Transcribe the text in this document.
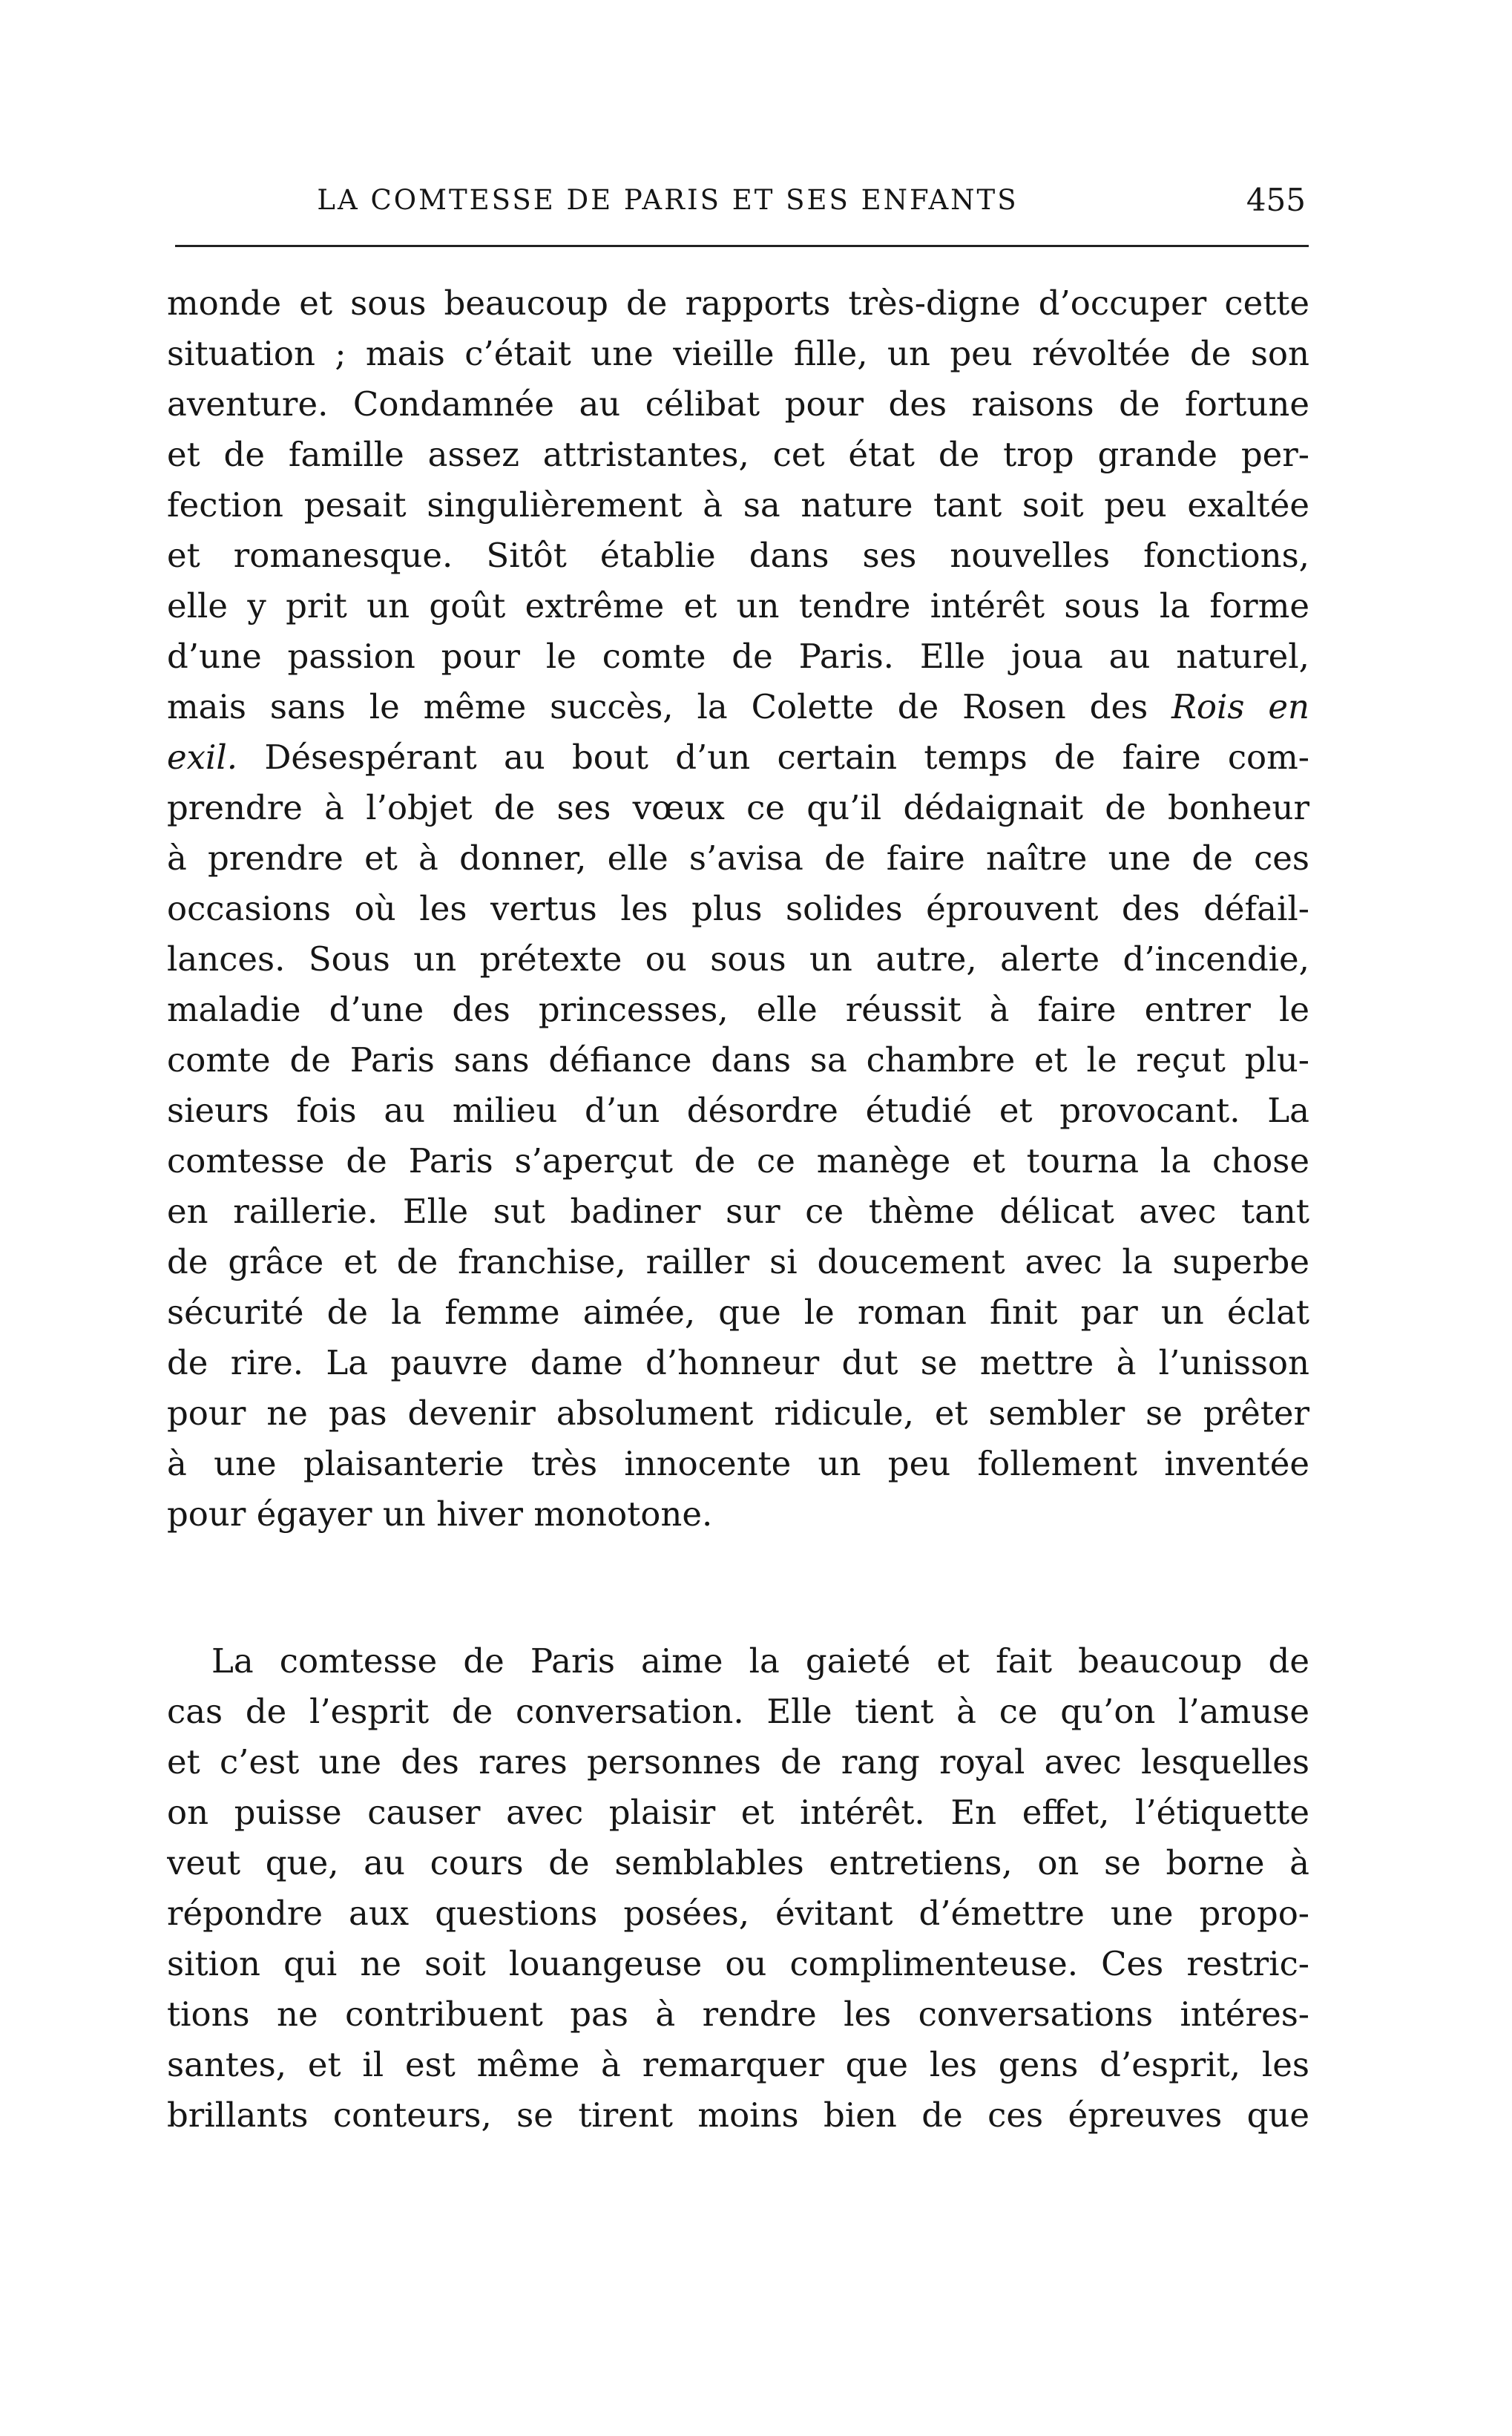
LA COMTESSE DE PARIS ET SES ENFANTS	455
monde et sous beaucoup de rapports très-digne d’occuper cette
situation ; mais c’était une vieille fille, un peu révoltée de son
aventure. Condamnée au célibat pour des raisons de fortune
et de famille assez attristantes, cet état de trop grande per-
fection pesait singulièrement à sa nature tant soit peu exaltée
et romanesque. Sitôt établie dans ses nouvelles fonctions,
elle y prit un goût extrême et un tendre intérêt sous la forme
d’une passion pour le comte de Paris. Elle joua au naturel,
mais sans le même succès, la Colette de Rosen des Rois en
exil. Désespérant au bout d’un certain temps de faire com-
prendre à l’objet de ses vœux ce qu’il dédaignait de bonheur
à prendre et à donner, elle s’avisa de faire naître une de ces
occasions où les vertus les plus solides éprouvent des défail-
lances. Sous un prétexte ou sous un autre, alerte d’incendie,
maladie d’une des princesses, elle réussit à faire entrer le
comte de Paris sans défiance dans sa chambre et le reçut plu-
sieurs fois au milieu d’un désordre étudié et provocant. La
comtesse de Paris s’aperçut de ce manège et tourna la chose
en raillerie. Elle sut badiner sur ce thème délicat avec tant
de grâce et de franchise, railler si doucement avec la superbe
sécurité de la femme aimée, que le roman finit par un éclat
de rire. La pauvre dame d’honneur dut se mettre à l’unisson
pour ne pas devenir absolument ridicule, et sembler se prêter
à une plaisanterie très innocente un peu follement inventée
pour égayer un hiver monotone.
La comtesse de Paris aime la gaieté et fait beaucoup de
cas de l’esprit de conversation. Elle tient à ce qu’on l’amuse
et c’est une des rares personnes de rang royal avec lesquelles
on puisse causer avec plaisir et intérêt. En effet, l’étiquette
veut que, au cours de semblables entretiens, on se borne à
répondre aux questions posées, évitant d’émettre une propo-
sition qui ne soit louangeuse ou complimenteuse. Ces restric-
tions ne contribuent pas à rendre les conversations intéres-
santes, et il est même à remarquer que les gens d’esprit, les
brillants conteurs, se tirent moins bien de ces épreuves que
